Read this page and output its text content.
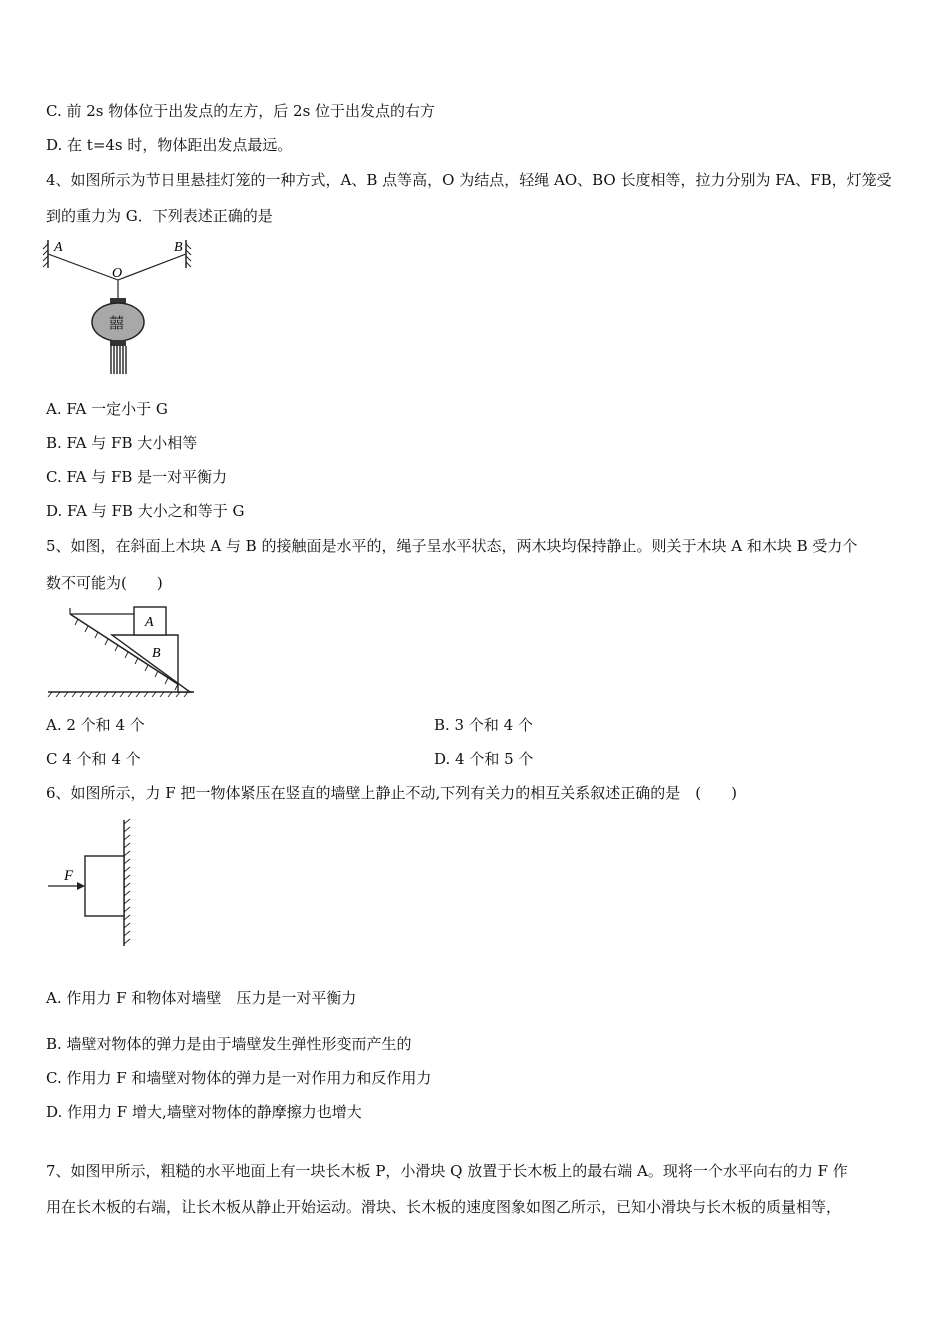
C. 前 2s 物体位于出发点的左方，后 2s 位于出发点的右方
D. 在 t=4s 时，物体距出发点最远。
4、如图所示为节日里悬挂灯笼的一种方式，A、B 点等高，O 为结点，轻绳 AO、BO 长度相等，拉力分别为 FA、FB，灯笼受
到的重力为 G．下列表述正确的是
A	B
O
囍
A. FA 一定小于 G
B. FA 与 FB 大小相等
C. FA 与 FB 是一对平衡力
D. FA 与 FB 大小之和等于 G
5、如图，在斜面上木块 A 与 B 的接触面是水平的，绳子呈水平状态，两木块均保持静止。则关于木块 A 和木块 B 受力个
数不可能为(　　)
A
B
A. 2 个和 4 个	B. 3 个和 4 个
C 4 个和 4 个	D. 4 个和 5 个
6、如图所示，力 F 把一物体紧压在竖直的墙壁上静止不动,下列有关力的相互关系叙述正确的是　(　　)
F
A. 作用力 F 和物体对墙壁　压力是一对平衡力
B. 墙壁对物体的弹力是由于墙壁发生弹性形变而产生的
C. 作用力 F 和墙壁对物体的弹力是一对作用力和反作用力
D. 作用力 F 增大,墙壁对物体的静摩擦力也增大
7、如图甲所示，粗糙的水平地面上有一块长木板 P，小滑块 Q 放置于长木板上的最右端 A。现将一个水平向右的力 F 作
用在长木板的右端，让长木板从静止开始运动。滑块、长木板的速度图象如图乙所示，已知小滑块与长木板的质量相等，
